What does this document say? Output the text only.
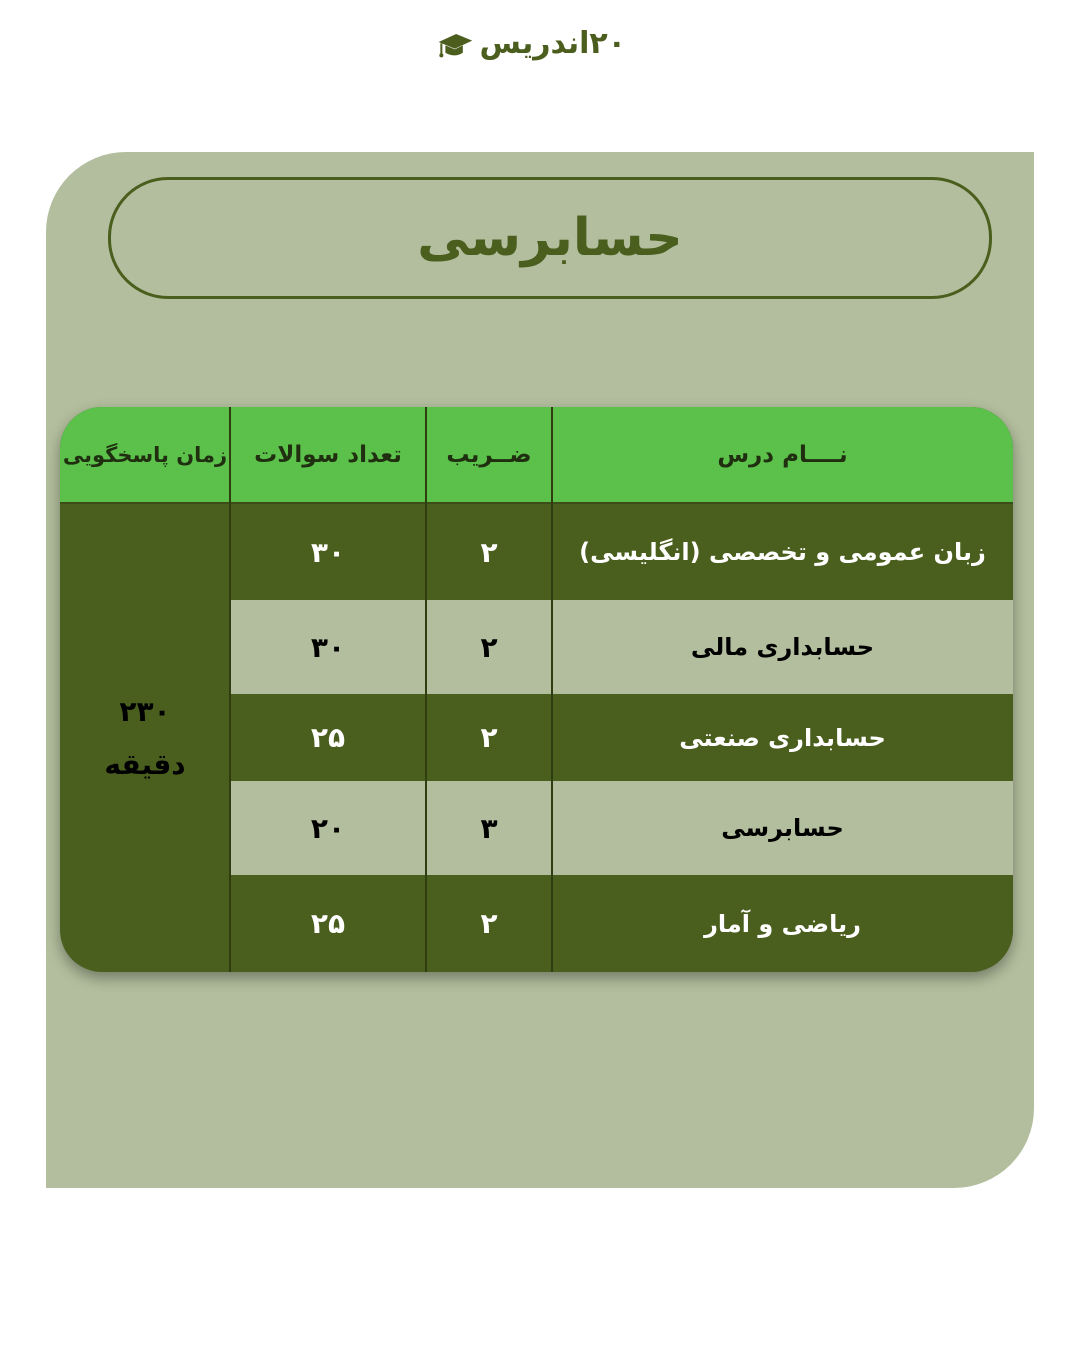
۲۰اندریس
حسابرسی
نــــام درس
ضــریب
تعداد سوالات
زمان پاسخگویی
زبان عمومی و تخصصی (انگلیسی)
۲
۳۰
حسابداری مالی
۲
۳۰
حسابداری صنعتی
۲
۲۵
حسابرسی
۳
۲۰
ریاضی و آمار
۲
۲۵
۲۳۰
دقیقه
